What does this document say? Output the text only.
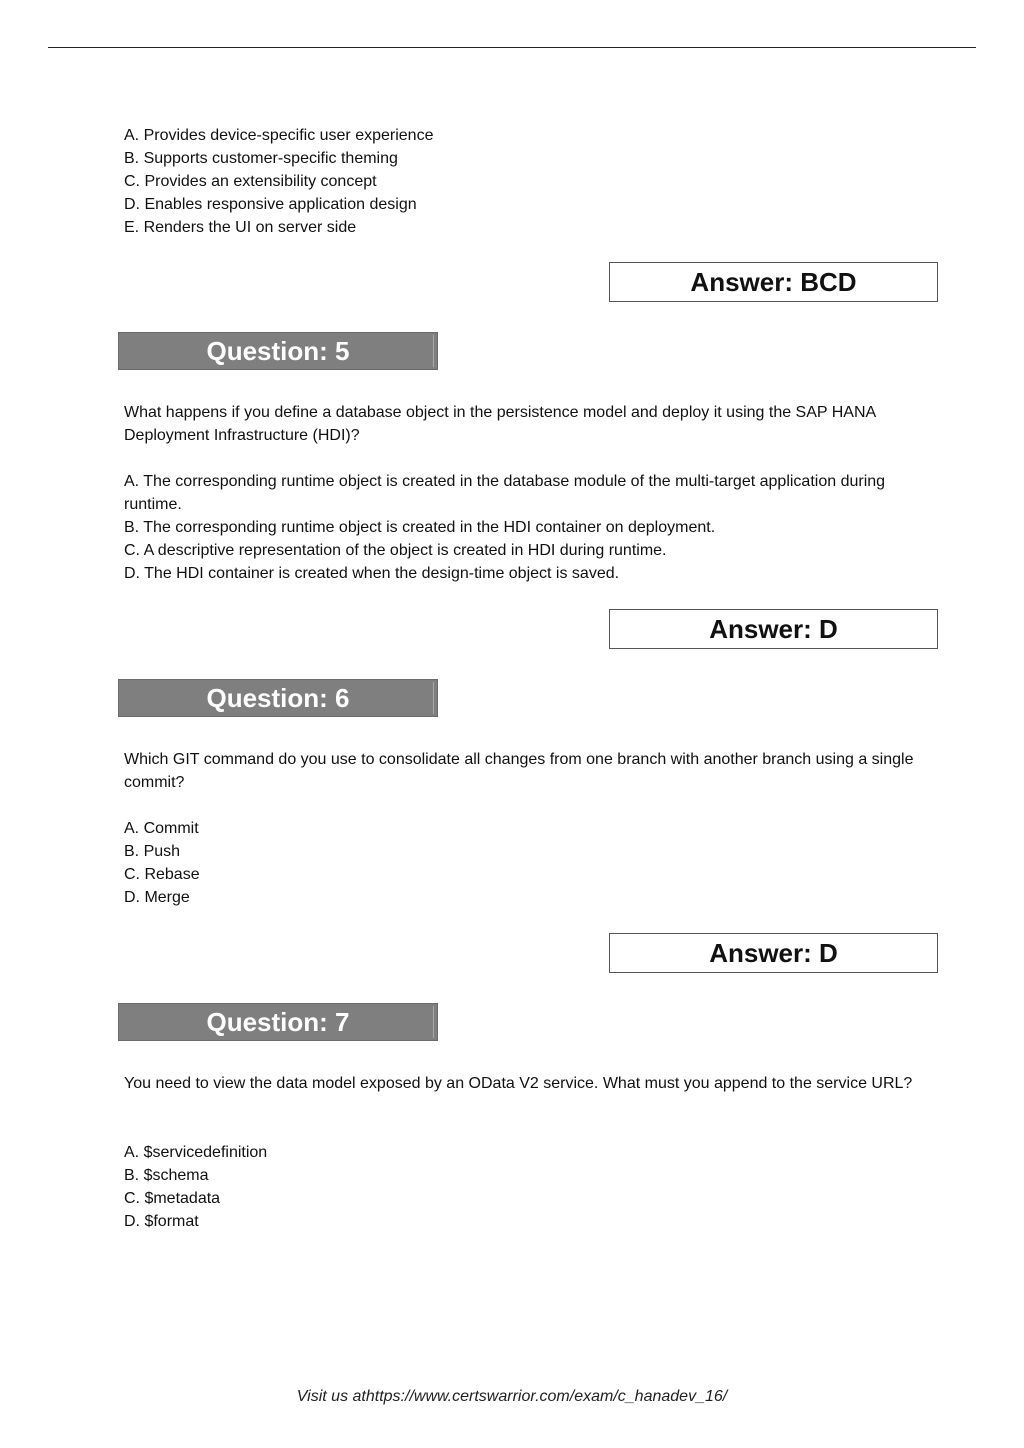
A. Provides device-specific user experience
B. Supports customer-specific theming
C. Provides an extensibility concept
D. Enables responsive application design
E. Renders the UI on server side
Answer: BCD
Question: 5
What happens if you define a database object in the persistence model and deploy it using the SAP HANA Deployment Infrastructure (HDI)?
A. The corresponding runtime object is created in the database module of the multi-target application during runtime.
B. The corresponding runtime object is created in the HDI container on deployment.
C. A descriptive representation of the object is created in HDI during runtime.
D. The HDI container is created when the design-time object is saved.
Answer: D
Question: 6
Which GIT command do you use to consolidate all changes from one branch with another branch using a single commit?
A. Commit
B. Push
C. Rebase
D. Merge
Answer: D
Question: 7
You need to view the data model exposed by an OData V2 service. What must you append to the service URL?
A. $servicedefinition
B. $schema
C. $metadata
D. $format
Visit us athttps://www.certswarrior.com/exam/c_hanadev_16/
